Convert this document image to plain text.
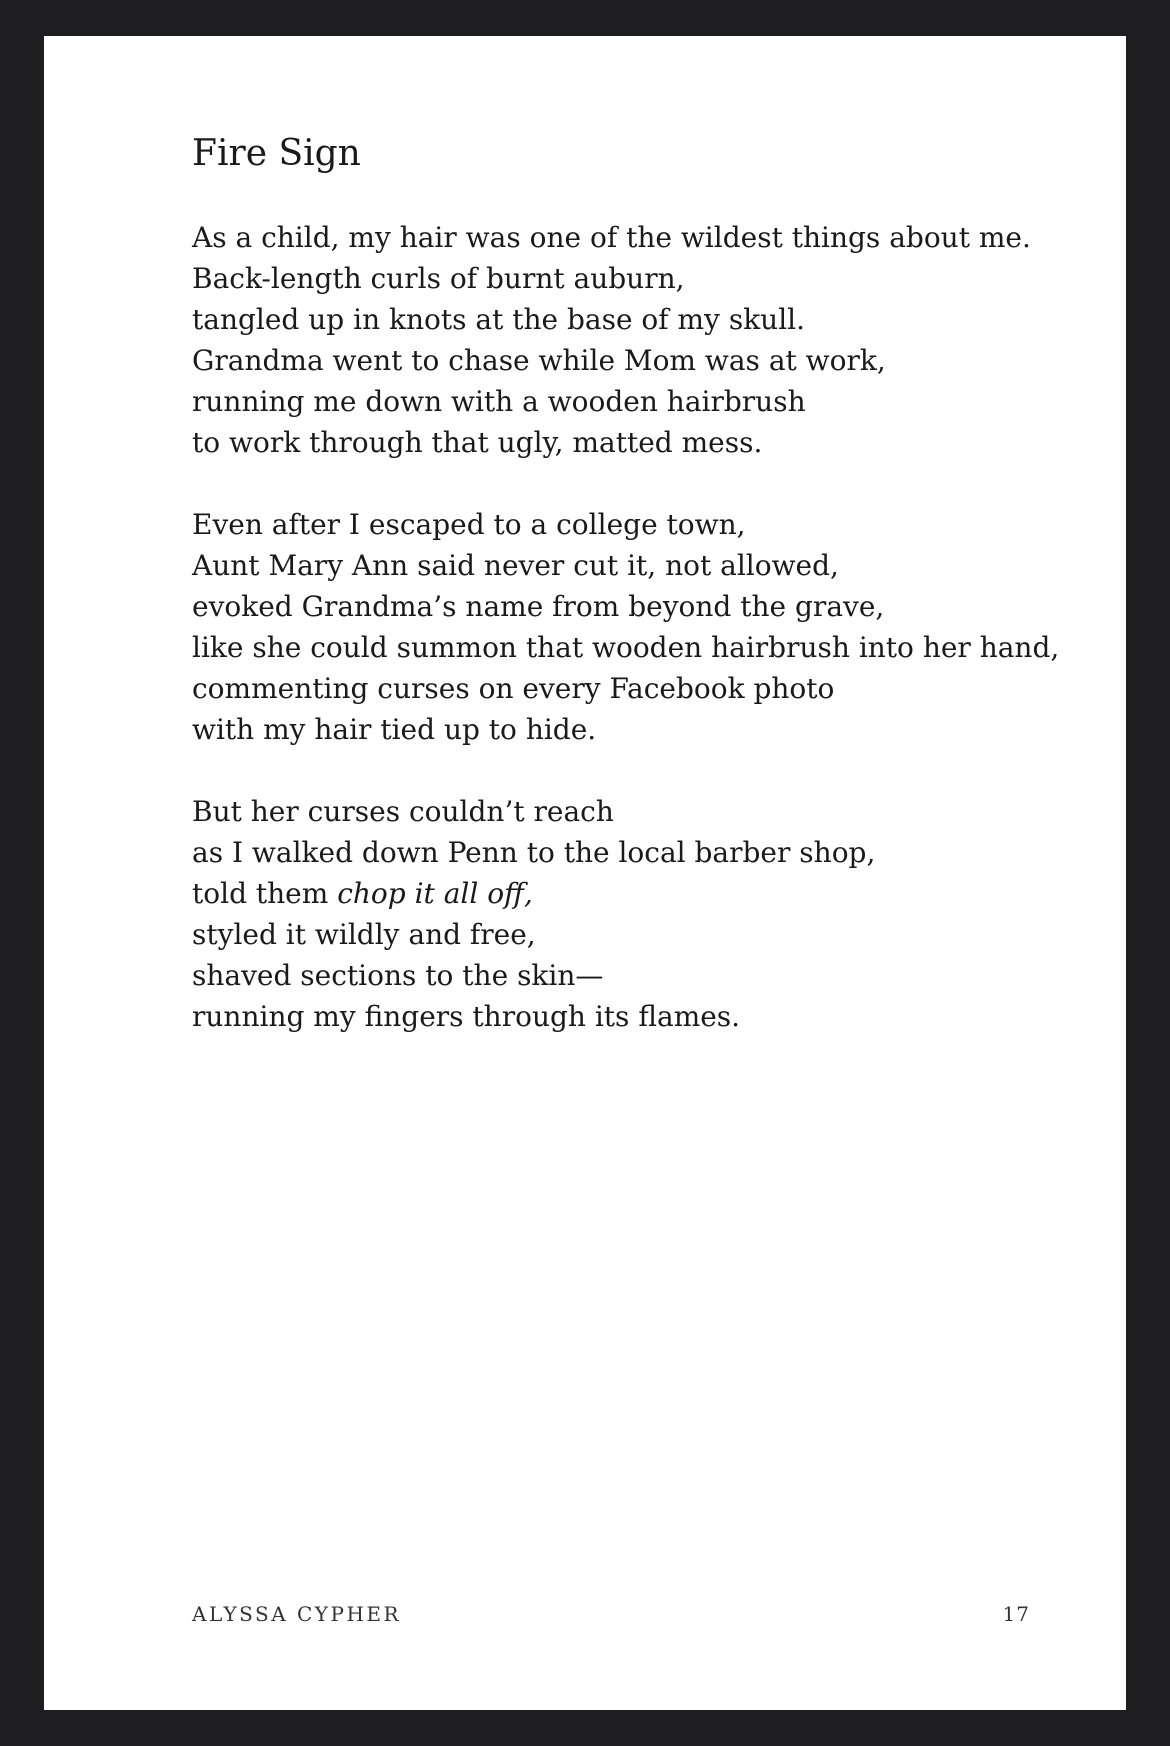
Fire Sign

As a child, my hair was one of the wildest things about me.
Back-length curls of burnt auburn,
tangled up in knots at the base of my skull.
Grandma went to chase while Mom was at work,
running me down with a wooden hairbrush
to work through that ugly, matted mess.

Even after I escaped to a college town,
Aunt Mary Ann said never cut it, not allowed,
evoked Grandma’s name from beyond the grave,
like she could summon that wooden hairbrush into her hand,
commenting curses on every Facebook photo
with my hair tied up to hide.

But her curses couldn’t reach
as I walked down Penn to the local barber shop,
told them chop it all off,
styled it wildly and free,
shaved sections to the skin—
running my fingers through its flames.

ALYSSA CYPHER	17
